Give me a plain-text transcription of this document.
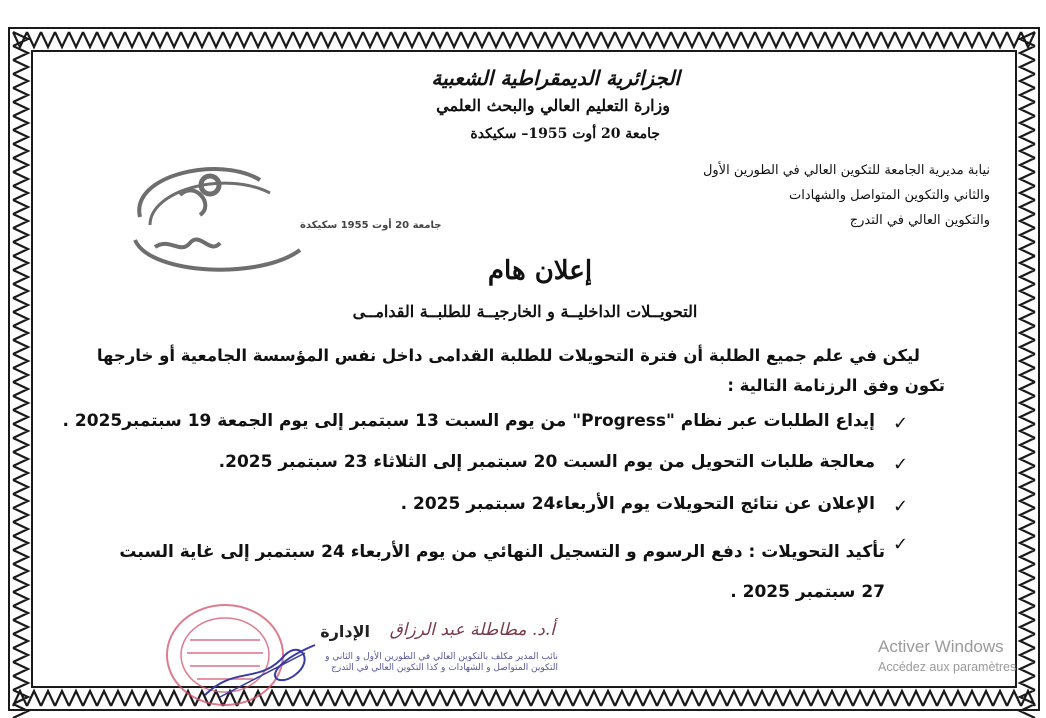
الجزائرية الديمقراطية الشعبية
وزارة التعليم العالي والبحث العلمي
جامعة 20 أوت 1955– سكيكدة
نيابة مديرية الجامعة للتكوين العالي في الطورين الأول
والثاني والتكوين المتواصل والشهادات
والتكوين العالي في التدرج
جامعة 20 أوت 1955 سكيكدة
إعلان هام
التحويــلات الداخليــة و الخارجيــة للطلبــة القدامــى
ليكن في علم جميع الطلبة أن فترة التحويلات للطلبة القدامى داخل نفس المؤسسة الجامعية أو خارجها
تكون وفق الرزنامة التالية :
✓
إيداع الطلبات عبر نظام "Progress" من يوم السبت 13 سبتمبر إلى يوم الجمعة 19 سبتمبر2025 .
✓
معالجة طلبات التحويل من يوم السبت 20 سبتمبر إلى الثلاثاء 23 سبتمبر 2025.
✓
الإعلان عن نتائج التحويلات يوم الأربعاء24 سبتمبر 2025 .
✓
تأكيد التحويلات : دفع الرسوم و التسجيل النهائي من يوم الأربعاء 24 سبتمبر إلى غاية السبت 27 سبتمبر 2025 .
أ.د. مطاطلة عبد الرزاق
الإدارة
نائب المدير مكلف بالتكوين العالي في الطورين الأول و الثاني و التكوين المتواصل و الشهادات و كذا التكوين العالي في التدرج
Activer Windows
Accédez aux paramètres
